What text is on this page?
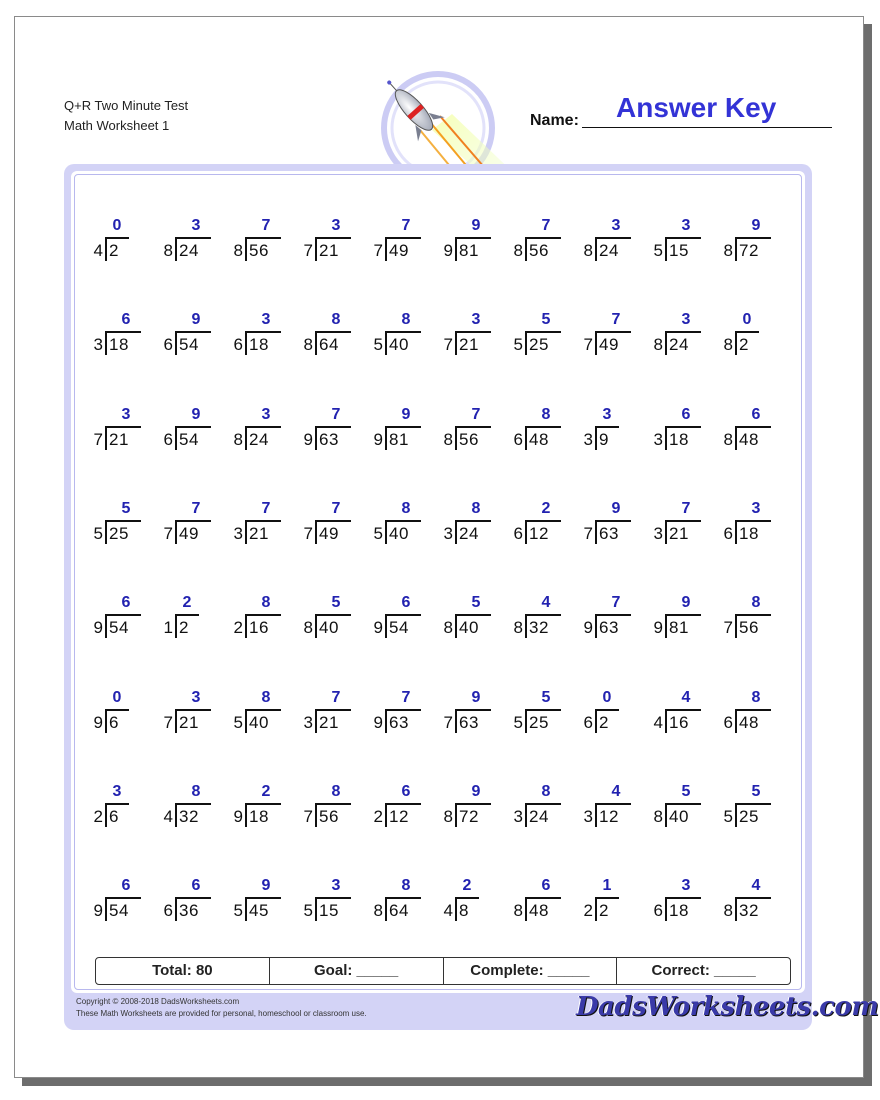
Q+R Two Minute Test
Math Worksheet 1	Name: Answer Key
0
4 2
3
8 24
7
8 56
3
7 21
7
7 49
9
9 81
7
8 56
3
8 24
3
5 15
9
8 72
6
3 18
9
6 54
3
6 18
8
8 64
8
5 40
3
7 21
5
5 25
7
7 49
3
8 24
0
8 2
3
7 21
9
6 54
3
8 24
7
9 63
9
9 81
7
8 56
8
6 48
3
3 9
6
3 18
6
8 48
5
5 25
7
7 49
7
3 21
7
7 49
8
5 40
8
3 24
2
6 12
9
7 63
7
3 21
3
6 18
6
9 54
2
1 2
8
2 16
5
8 40
6
9 54
5
8 40
4
8 32
7
9 63
9
9 81
8
7 56
0
9 6
3
7 21
8
5 40
7
3 21
7
9 63
9
7 63
5
5 25
0
6 2
4
4 16
8
6 48
3
2 6
8
4 32
2
9 18
8
7 56
6
2 12
9
8 72
8
3 24
4
3 12
5
8 40
5
5 25
6
9 54
6
6 36
9
5 45
3
5 15
8
8 64
2
4 8
6
8 48
1
2 2
3
6 18
4
8 32
Total: 80	Goal: _____	Complete: _____	Correct: _____
Copyright © 2008-2018 DadsWorksheets.com
These Math Worksheets are provided for personal, homeschool or classroom use.	DadsWorksheets.com
